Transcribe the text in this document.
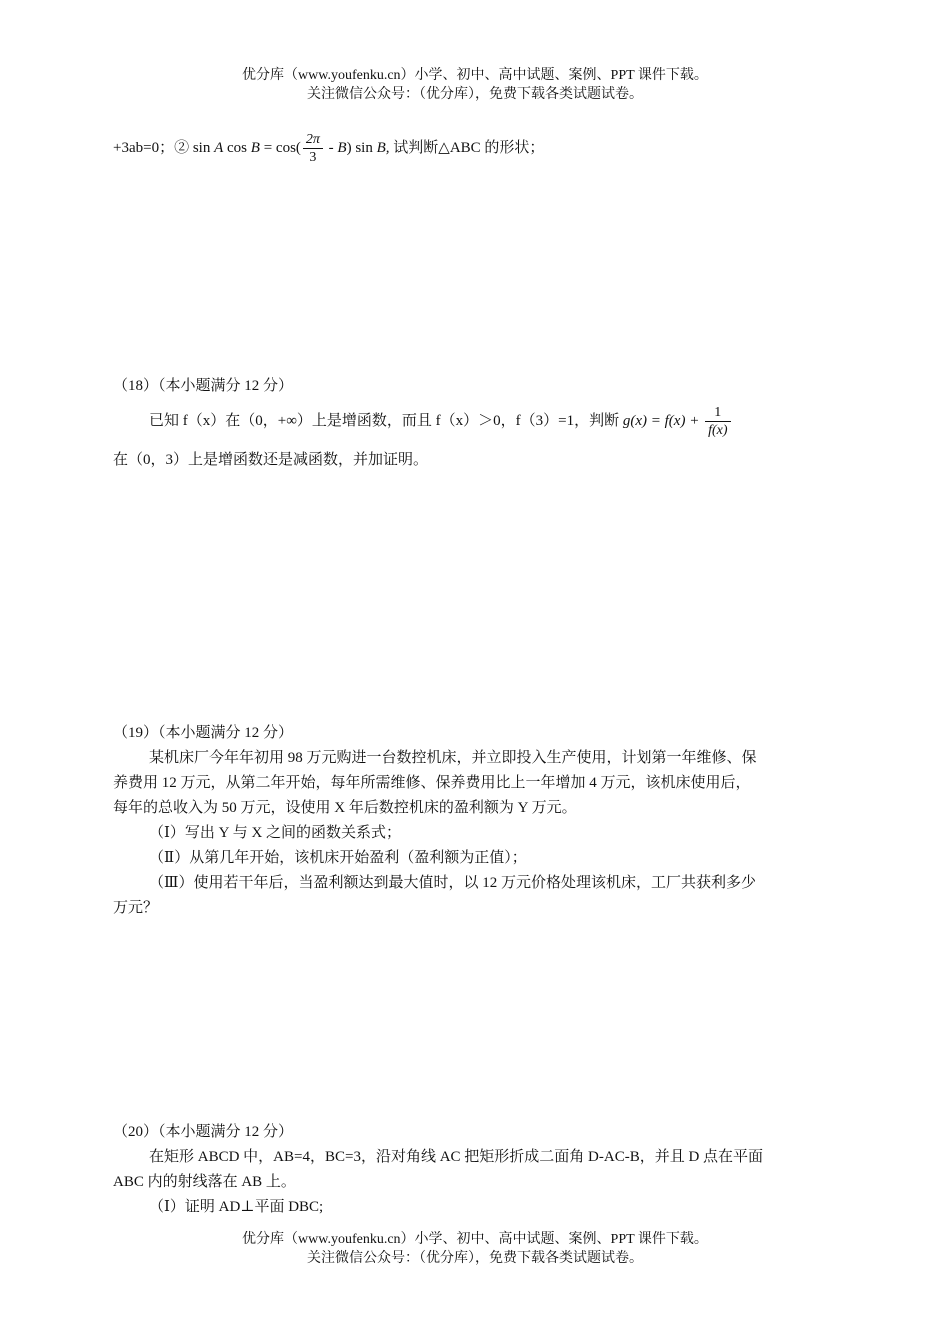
优分库（www.youfenku.cn）小学、初中、高中试题、案例、PPT 课件下载。
关注微信公众号：（优分库），免费下载各类试题试卷。
+3ab=0；② sin A $\cos B = \cos( \frac{2\pi}{3} - B)$ sin B, 试判断△ABC 的形状；
（18）（本小题满分 12 分）
已知 f（x）在（0，+∞）上是增函数，而且 f（x）＞0，f（3）=1，判断 $g(x) = f(x) + \frac{1}{f(x)}$
在（0，3）上是增函数还是减函数，并加证明。
（19）（本小题满分 12 分）
某机床厂今年年初用 98 万元购进一台数控机床，并立即投入生产使用，计划第一年维修、保
养费用 12 万元，从第二年开始，每年所需维修、保养费用比上一年增加 4 万元，该机床使用后，
每年的总收入为 50 万元，设使用 X 年后数控机床的盈利额为 Y 万元。
（Ⅰ）写出 Y 与 X 之间的函数关系式；
（Ⅱ）从第几年开始，该机床开始盈利（盈利额为正值）；
（Ⅲ）使用若干年后，当盈利额达到最大值时，以 12 万元价格处理该机床，工厂共获利多少
万元？
（20）（本小题满分 12 分）
在矩形 ABCD 中，AB=4，BC=3，沿对角线 AC 把矩形折成二面角 D-AC-B，并且 D 点在平面
ABC 内的射线落在 AB 上。
（Ⅰ）证明 AD⊥平面 DBC;
优分库（www.youfenku.cn）小学、初中、高中试题、案例、PPT 课件下载。
关注微信公众号：（优分库），免费下载各类试题试卷。
